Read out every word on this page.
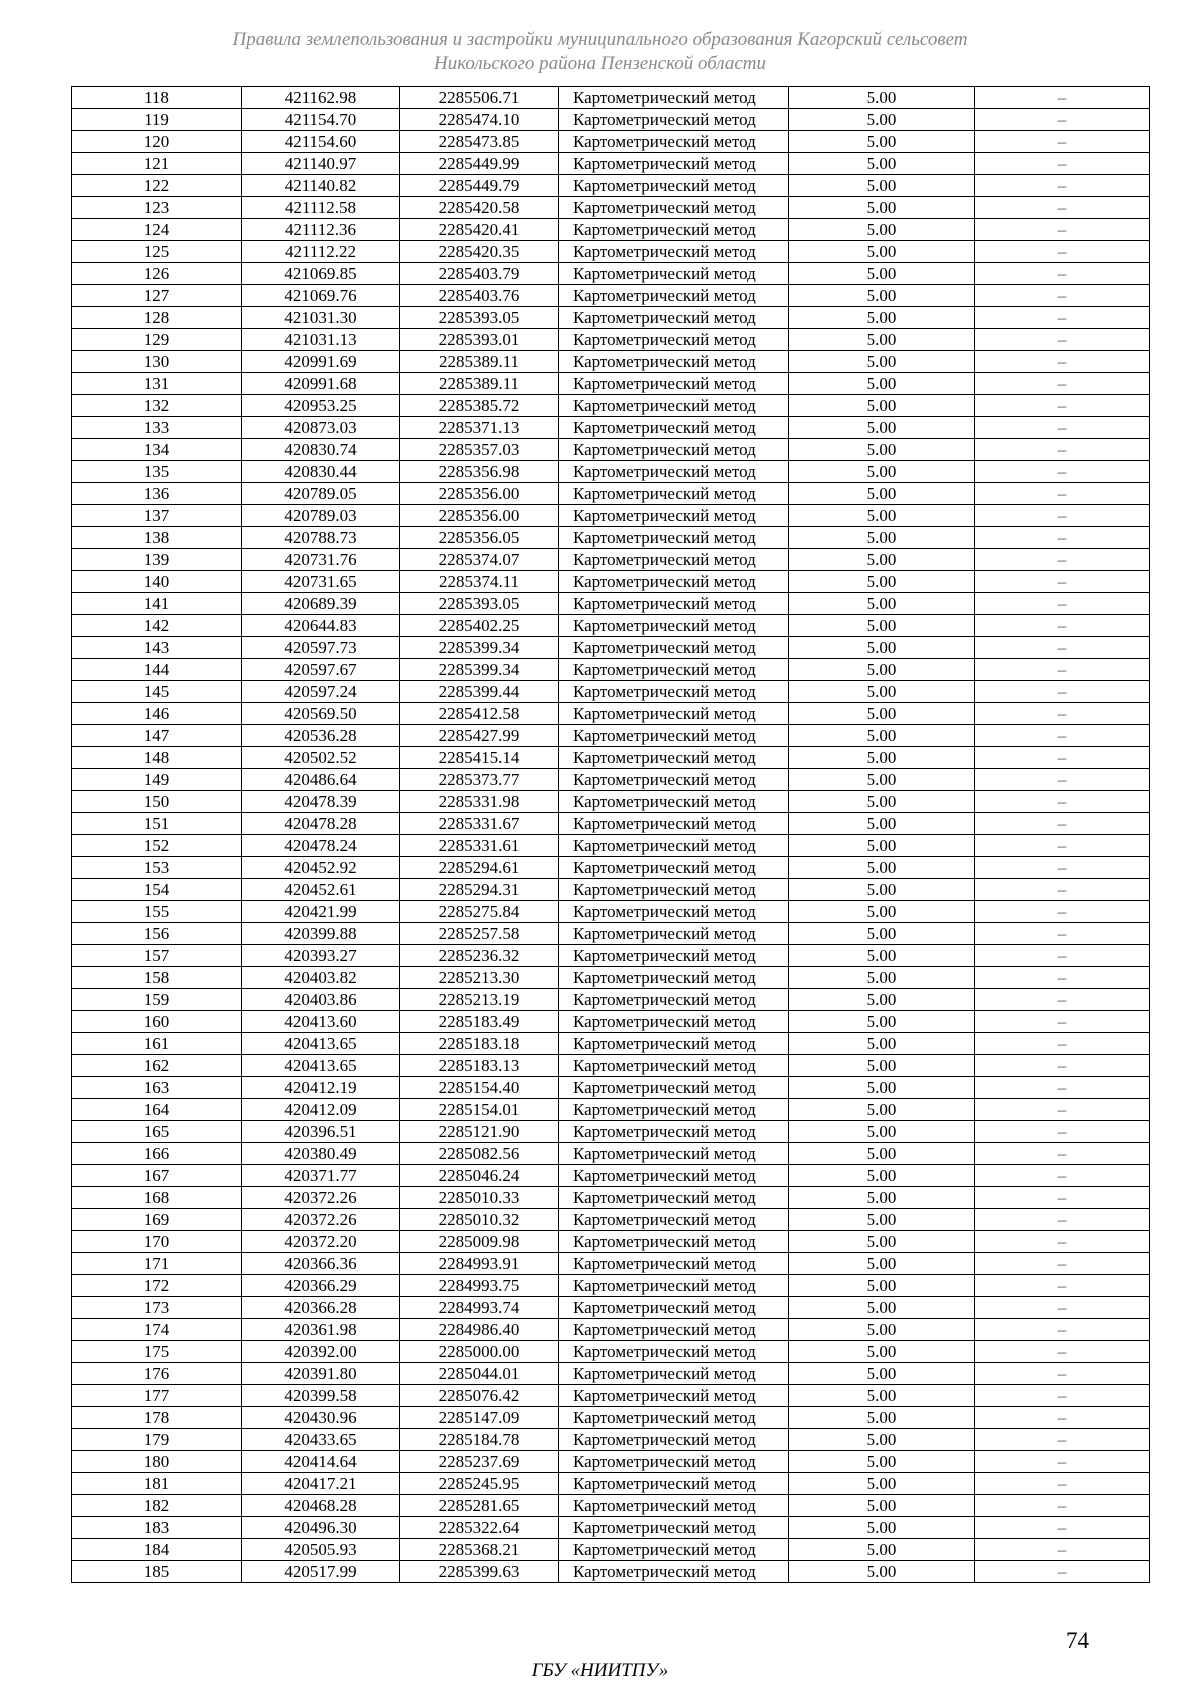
Правила землепользования и застройки муниципального образования Кагорский сельсовет
Никольского района Пензенской области
118	421162.98	2285506.71	Картометрический метод	5.00	–
119	421154.70	2285474.10	Картометрический метод	5.00	–
120	421154.60	2285473.85	Картометрический метод	5.00	–
121	421140.97	2285449.99	Картометрический метод	5.00	–
122	421140.82	2285449.79	Картометрический метод	5.00	–
123	421112.58	2285420.58	Картометрический метод	5.00	–
124	421112.36	2285420.41	Картометрический метод	5.00	–
125	421112.22	2285420.35	Картометрический метод	5.00	–
126	421069.85	2285403.79	Картометрический метод	5.00	–
127	421069.76	2285403.76	Картометрический метод	5.00	–
128	421031.30	2285393.05	Картометрический метод	5.00	–
129	421031.13	2285393.01	Картометрический метод	5.00	–
130	420991.69	2285389.11	Картометрический метод	5.00	–
131	420991.68	2285389.11	Картометрический метод	5.00	–
132	420953.25	2285385.72	Картометрический метод	5.00	–
133	420873.03	2285371.13	Картометрический метод	5.00	–
134	420830.74	2285357.03	Картометрический метод	5.00	–
135	420830.44	2285356.98	Картометрический метод	5.00	–
136	420789.05	2285356.00	Картометрический метод	5.00	–
137	420789.03	2285356.00	Картометрический метод	5.00	–
138	420788.73	2285356.05	Картометрический метод	5.00	–
139	420731.76	2285374.07	Картометрический метод	5.00	–
140	420731.65	2285374.11	Картометрический метод	5.00	–
141	420689.39	2285393.05	Картометрический метод	5.00	–
142	420644.83	2285402.25	Картометрический метод	5.00	–
143	420597.73	2285399.34	Картометрический метод	5.00	–
144	420597.67	2285399.34	Картометрический метод	5.00	–
145	420597.24	2285399.44	Картометрический метод	5.00	–
146	420569.50	2285412.58	Картометрический метод	5.00	–
147	420536.28	2285427.99	Картометрический метод	5.00	–
148	420502.52	2285415.14	Картометрический метод	5.00	–
149	420486.64	2285373.77	Картометрический метод	5.00	–
150	420478.39	2285331.98	Картометрический метод	5.00	–
151	420478.28	2285331.67	Картометрический метод	5.00	–
152	420478.24	2285331.61	Картометрический метод	5.00	–
153	420452.92	2285294.61	Картометрический метод	5.00	–
154	420452.61	2285294.31	Картометрический метод	5.00	–
155	420421.99	2285275.84	Картометрический метод	5.00	–
156	420399.88	2285257.58	Картометрический метод	5.00	–
157	420393.27	2285236.32	Картометрический метод	5.00	–
158	420403.82	2285213.30	Картометрический метод	5.00	–
159	420403.86	2285213.19	Картометрический метод	5.00	–
160	420413.60	2285183.49	Картометрический метод	5.00	–
161	420413.65	2285183.18	Картометрический метод	5.00	–
162	420413.65	2285183.13	Картометрический метод	5.00	–
163	420412.19	2285154.40	Картометрический метод	5.00	–
164	420412.09	2285154.01	Картометрический метод	5.00	–
165	420396.51	2285121.90	Картометрический метод	5.00	–
166	420380.49	2285082.56	Картометрический метод	5.00	–
167	420371.77	2285046.24	Картометрический метод	5.00	–
168	420372.26	2285010.33	Картометрический метод	5.00	–
169	420372.26	2285010.32	Картометрический метод	5.00	–
170	420372.20	2285009.98	Картометрический метод	5.00	–
171	420366.36	2284993.91	Картометрический метод	5.00	–
172	420366.29	2284993.75	Картометрический метод	5.00	–
173	420366.28	2284993.74	Картометрический метод	5.00	–
174	420361.98	2284986.40	Картометрический метод	5.00	–
175	420392.00	2285000.00	Картометрический метод	5.00	–
176	420391.80	2285044.01	Картометрический метод	5.00	–
177	420399.58	2285076.42	Картометрический метод	5.00	–
178	420430.96	2285147.09	Картометрический метод	5.00	–
179	420433.65	2285184.78	Картометрический метод	5.00	–
180	420414.64	2285237.69	Картометрический метод	5.00	–
181	420417.21	2285245.95	Картометрический метод	5.00	–
182	420468.28	2285281.65	Картометрический метод	5.00	–
183	420496.30	2285322.64	Картометрический метод	5.00	–
184	420505.93	2285368.21	Картометрический метод	5.00	–
185	420517.99	2285399.63	Картометрический метод	5.00	–
74
ГБУ «НИИТПУ»
